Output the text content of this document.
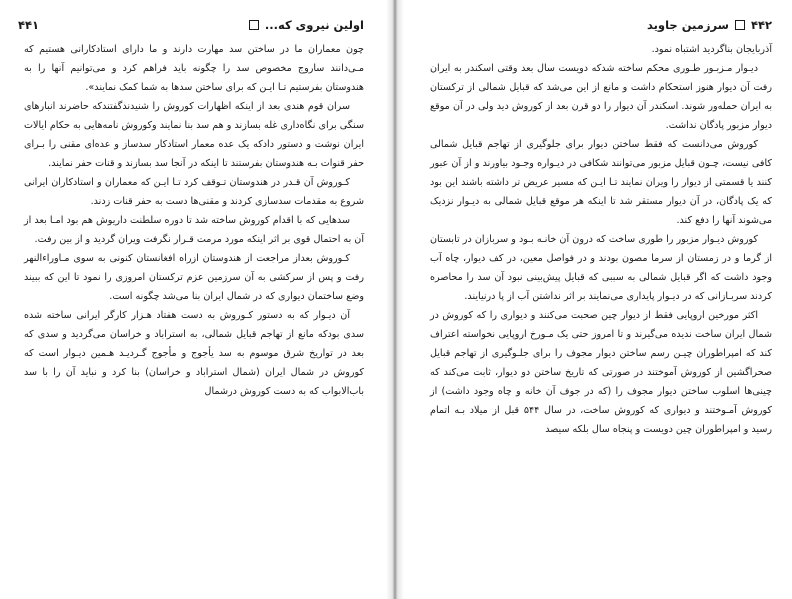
اولین نیروی که...
۴۴۱

چون معماران ما در ساختن سد مهارت دارند و ما دارای استادکارانی هستیم که مـی‌دانند ساروج مخصوص سد را چگونه باید فراهم کرد و می‌توانیم آنها را به هندوستان بفرستیم تـا ایـن که برای ساختن سدها به شما کمک نمایند».

سران قوم هندی بعد از اینکه اظهارات کوروش را شنیدندگفتندکه حاضرند انبارهای سنگی برای نگاه‌داری غله بسازند و هم سد بنا نمایند وکوروش نامه‌هایی به حکام ایالات ایران نوشت و دستور دادکه یک عده معمار استادکار سدساز و عده‌ای مقنی را بـرای حفر قنوات بـه هندوستان بفرستند تا اینکه در آنجا سد بسازند و قنات حفر نمایند.

کـوروش آن قـدر در هندوستان تـوقف کرد تـا ایـن که معماران و استادکاران ایرانی شروع به مقدمات سدسازی کردند و مقنی‌ها دست به حفر قنات زدند.

سدهایی که با اقدام کوروش ساخته شد تا دوره سلطنت داریوش هم بود امـا بعد از آن به احتمال قوی بر اثر اینکه مورد مرمت قـرار نگرفت ویران گردید و از بین رفت.

کـوروش بعداز مراجعت از هندوستان ازراه افغانستان کنونی به سوی مـاوراءالنهر رفت و پس از سرکشی به آن سرزمین عزم ترکستان امروزی را نمود تا این که ببیند وضع ساختمان دیواری که در شمال ایران بنا می‌شد چگونه است.

آن دیـوار که به دستور کـوروش به دست هفتاد هـزار کارگر ایرانی ساخته شده سدی بودکه مانع از تهاجم قبایل شمالی، به استراباد و خراسان می‌گردید و سدی که بعد در تواریخ شرق موسوم به سد یأجوج و مأجوج گـردیـد هـمین دیـوار است که کوروش در شمال ایران (شمال استراباد و خراسان) بنا کرد و نباید آن را با سد باب‌الابواب که به دست کوروش درشمال

۴۴۲
سرزمین جاوید

آذربایجان بناگردید اشتباه نمود.

دیـوار مـزبـور طـوری محکم ساخته شدکه دویست سال بعد وقتی اسکندر به ایران رفت آن دیوار هنوز استحکام داشت و مانع از این می‌شد که قبایل شمالی از ترکستان به ایران حمله‌ور شوند. اسکندر آن دیوار را دو قرن بعد از کوروش دید ولی در آن موقع دیوار مزبور پادگان نداشت.

کوروش می‌دانست که فقط ساختن دیوار برای جلوگیری از تهاجم قبایل شمالی کافی نیست، چـون قبایل مزبور می‌توانند شکافی در دیـواره وجـود بیاورند و از آن عبور کنند یا قسمتی از دیوار را ویران نمایند تـا ایـن که مسیر عریض تر داشته باشند این بود که یک پادگان، در آن دیوار مستقر شد تا اینکه هر موقع قبایل شمالی به دیـوار نزدیک می‌شوند آنها را دفع کند.

کوروش دیـوار مزبور را طوری ساخت که درون آن خانـه بـود و سربازان در تابستان از گرما و در زمستان از سرما مصون بودند و در فواصل معین، در کف دیوار، چاه آب وجود داشت که اگر قبایل شمالی به سببی که قبایل پیش‌بینی نبود آن سد را محاصره کردند سربـازانی که در دیـوار پایداری می‌نمایند بر اثر نداشتن آب از پا درنیایند.

اکثر مورخین اروپایی فقط از دیوار چین صحبت می‌کنند و دیواری را که کوروش در شمال ایران ساخت ندیده می‌گیرند و تا امروز حتی یک مـورخ اروپایی نخواسته اعتراف کند که امپراطوران چیـن رسم ساختن دیوار مجوف را برای جلـوگیری از تهاجم قبایل صحراگشین از کوروش آموختند در صورتی که تاریخ ساختن دو دیوار، ثابت می‌کند که چینی‌ها اسلوب ساختن دیوار مجوف را (که در جوف آن خانه و چاه وجود داشت) از کوروش آمـوختند و دیواری که کوروش ساخت، در سال ۵۴۴ قبل از میلاد بـه اتمام رسید و امپراطوران چین دویست و پنجاه سال بلکه سیصد
